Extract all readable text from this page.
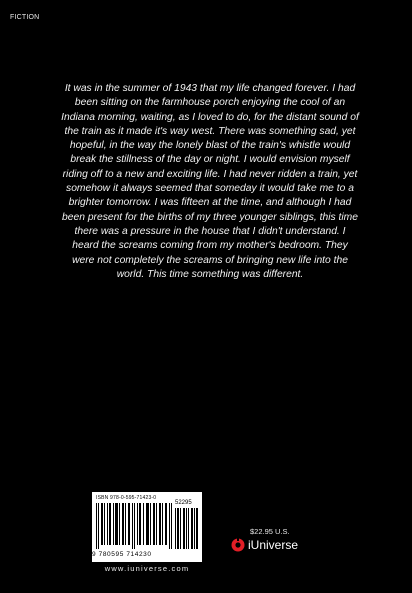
FICTION
It was in the summer of 1943 that my life changed forever. I had been sitting on the farmhouse porch enjoying the cool of an Indiana morning, waiting, as I loved to do, for the distant sound of the train as it made it's way west. There was something sad, yet hopeful, in the way the lonely blast of the train's whistle would break the stillness of the day or night. I would envision myself riding off to a new and exciting life. I had never ridden a train, yet somehow it always seemed that someday it would take me to a brighter tomorrow. I was fifteen at the time, and although I had been present for the births of my three younger siblings, this time there was a pressure in the house that I didn't understand. I heard the screams coming from my mother's bedroom. They were not completely the screams of bringing new life into the world. This time something was different.
ISBN 978-0-595-71423-0
52295
9 780595 714230
www.iuniverse.com
$22.95 U.S.
iUniverse
